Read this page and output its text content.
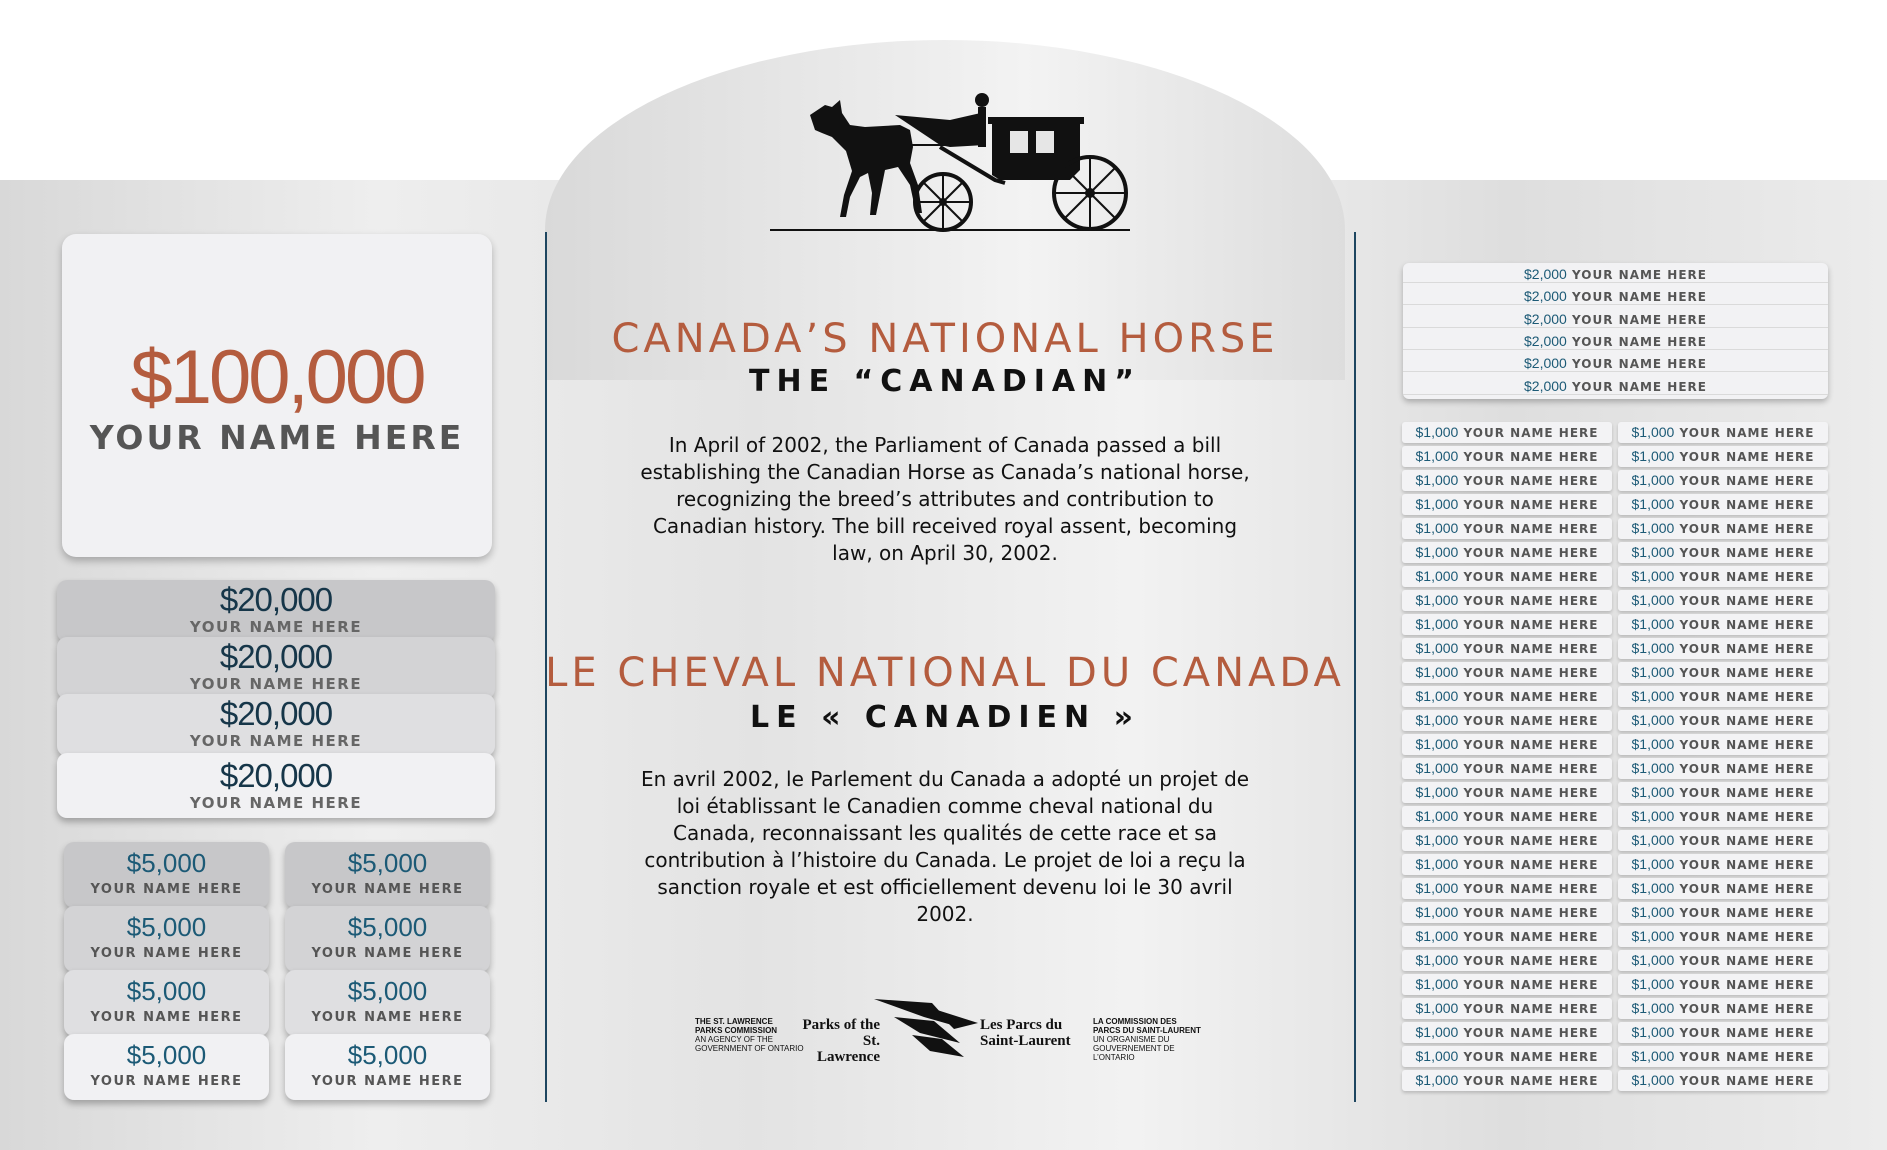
CANADA’S NATIONAL HORSE
THE “CANADIAN”
In April of 2002, the Parliament of Canada passed a bill establishing the Canadian Horse as Canada’s national horse, recognizing the breed’s attributes and contribution to Canadian history. The bill received royal assent, becoming law, on April 30, 2002.
LE CHEVAL NATIONAL DU CANADA
LE « CANADIEN »
En avril 2002, le Parlement du Canada a adopté un projet de loi établissant le Canadien comme cheval national du Canada, reconnaissant les qualités de cette race et sa contribution à l’histoire du Canada. Le projet de loi a reçu la sanction royale et est officiellement devenu loi le 30 avril 2002.
THE ST. LAWRENCE
PARKS COMMISSION
AN AGENCY OF THE
GOVERNMENT OF ONTARIO
Parks of the
St. Lawrence
Les Parcs du
Saint-Laurent
LA COMMISSION DES
PARCS DU SAINT-LAURENT
UN ORGANISME DU
GOUVERNEMENT DE L’ONTARIO
$100,000
YOUR NAME HERE
$20,000
YOUR NAME HERE
$20,000
YOUR NAME HERE
$20,000
YOUR NAME HERE
$20,000
YOUR NAME HERE
$5,000
YOUR NAME HERE
$5,000
YOUR NAME HERE
$5,000
YOUR NAME HERE
$5,000
YOUR NAME HERE
$5,000
YOUR NAME HERE
$5,000
YOUR NAME HERE
$5,000
YOUR NAME HERE
$5,000
YOUR NAME HERE
$2,000 YOUR NAME HERE
$2,000 YOUR NAME HERE
$2,000 YOUR NAME HERE
$2,000 YOUR NAME HERE
$2,000 YOUR NAME HERE
$2,000 YOUR NAME HERE
$1,000 YOUR NAME HERE
$1,000 YOUR NAME HERE
$1,000 YOUR NAME HERE
$1,000 YOUR NAME HERE
$1,000 YOUR NAME HERE
$1,000 YOUR NAME HERE
$1,000 YOUR NAME HERE
$1,000 YOUR NAME HERE
$1,000 YOUR NAME HERE
$1,000 YOUR NAME HERE
$1,000 YOUR NAME HERE
$1,000 YOUR NAME HERE
$1,000 YOUR NAME HERE
$1,000 YOUR NAME HERE
$1,000 YOUR NAME HERE
$1,000 YOUR NAME HERE
$1,000 YOUR NAME HERE
$1,000 YOUR NAME HERE
$1,000 YOUR NAME HERE
$1,000 YOUR NAME HERE
$1,000 YOUR NAME HERE
$1,000 YOUR NAME HERE
$1,000 YOUR NAME HERE
$1,000 YOUR NAME HERE
$1,000 YOUR NAME HERE
$1,000 YOUR NAME HERE
$1,000 YOUR NAME HERE
$1,000 YOUR NAME HERE
$1,000 YOUR NAME HERE
$1,000 YOUR NAME HERE
$1,000 YOUR NAME HERE
$1,000 YOUR NAME HERE
$1,000 YOUR NAME HERE
$1,000 YOUR NAME HERE
$1,000 YOUR NAME HERE
$1,000 YOUR NAME HERE
$1,000 YOUR NAME HERE
$1,000 YOUR NAME HERE
$1,000 YOUR NAME HERE
$1,000 YOUR NAME HERE
$1,000 YOUR NAME HERE
$1,000 YOUR NAME HERE
$1,000 YOUR NAME HERE
$1,000 YOUR NAME HERE
$1,000 YOUR NAME HERE
$1,000 YOUR NAME HERE
$1,000 YOUR NAME HERE
$1,000 YOUR NAME HERE
$1,000 YOUR NAME HERE
$1,000 YOUR NAME HERE
$1,000 YOUR NAME HERE
$1,000 YOUR NAME HERE
$1,000 YOUR NAME HERE
$1,000 YOUR NAME HERE
$1,000 YOUR NAME HERE
$1,000 YOUR NAME HERE
